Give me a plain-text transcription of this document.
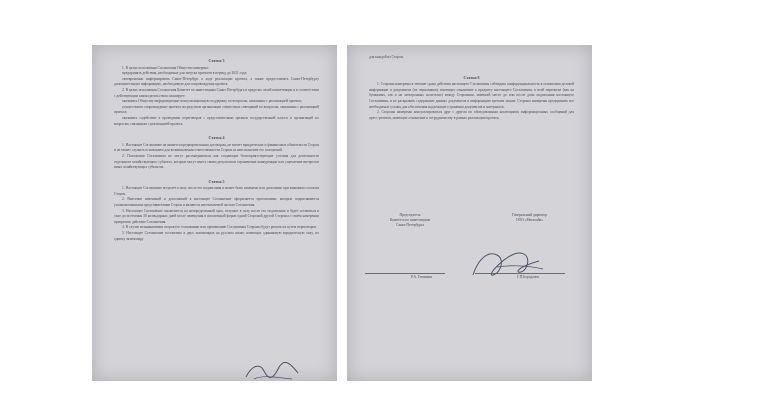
Статья 3

1. В целях исполнения Соглашения Общество намерено:

предпринять действия, необходимые для запуска проектов в период до 2021 года;

своевременно информировать Санкт-Петербург о ходе реализации проекта, а также предоставлять Санкт-Петербургу дополнительную информацию, необходимую для сопровождения проекта.

2. В целях исполнения Соглашения Комитет по инвестициям Санкт-Петербурга в пределах своей компетенции и в соответствии с действующим законодательством планирует:

оказывать Обществу информационно-консультационную поддержку по вопросам, связанным с реализацией проекта;

осуществлять сопровождение проекта посредством организации совместных совещаний по вопросам, связанным с реализацией проекта;

оказывать содействие в проведении переговоров с представителями органов государственной власти и организаций по вопросам, связанным с реализацией проекта.

Статья 4

1. Настоящее Соглашение не является предварительным договором, не влечет юридических и финансовых обязательств Сторон и не может служить основанием для возникновения ответственности Сторон за неисполнение его положений.

2. Положения Соглашения не могут рассматриваться как создающие благоприятствующие условия для деятельности отдельного хозяйствующего субъекта, которые могут иметь своим результатом ограничение конкуренции или ущемление интересов иных хозяйствующих субъектов.

Статья 5

1. Настоящее Соглашение вступает в силу после его подписания и может быть изменено или дополнено при взаимном согласии Сторон.

2. Внесение изменений и дополнений в настоящее Соглашение оформляется протоколами, которые подписываются уполномоченными представителями Сторон и являются неотъемлемой частью Соглашения.

3. Настоящее Соглашение заключается на неопределенный срок, вступает в силу после его подписания и будет оставаться в силе до истечения 30 календарных дней после извещения в письменной форме одной Стороной другой Стороны о своём намерении прекратить действие Соглашения.

4. В случае возникновения споров (по толкованию или применению Соглашения Стороны будут решать их путем переговоров.

5. Настоящее Соглашение составлено в двух экземплярах на русском языке, имеющих одинаковую юридическую силу, по одному экземпляру

для каждой из Сторон.

Статья 6

1. Стороны намерены в течение срока действия настоящего Соглашения соблюдать конфиденциальность в отношении деловой информации и документов (их черновиков), имеющих отношение к предмету настоящего Соглашения, в всей переписке (как на бумажных, так и на электронных носителях) между Сторонами, имевшей место до или после даты подписания настоящего Соглашения, и не раскрывать содержание данных документов и информацию третьим лицам. Стороны намерены предпринять все необходимые усилия для обеспечения надлежащего хранения документов и материалов.

2. Стороны намерены консультироваться друг с другом по обоюдоважным касающимся информационных сообщений для пресс-релизов, имеющих отношение к сотрудничеству в рамках реализации проекта.

Председатель
Комитета по инвестициям
Санкт-Петербурга
Генеральный директор
ООО «Мегахайв»
Р.А. Гомзиков	Г.П.Бородачев
